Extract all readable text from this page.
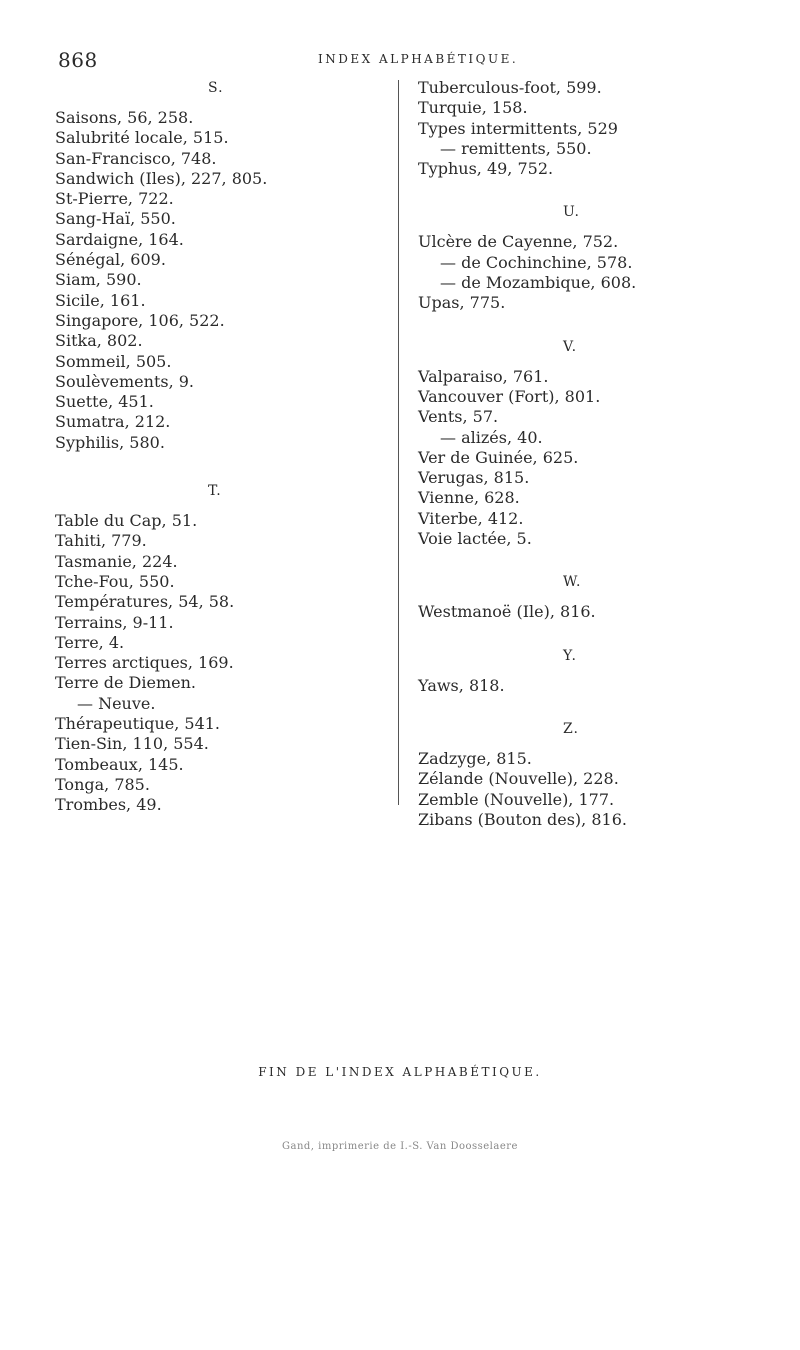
868	INDEX ALPHABÉTIQUE.
S.
Saisons, 56, 258.
Salubrité locale, 515.
San-Francisco, 748.
Sandwich (Iles), 227, 805.
St-Pierre, 722.
Sang-Haï, 550.
Sardaigne, 164.
Sénégal, 609.
Siam, 590.
Sicile, 161.
Singapore, 106, 522.
Sitka, 802.
Sommeil, 505.
Soulèvements, 9.
Suette, 451.
Sumatra, 212.
Syphilis, 580.
T.
Table du Cap, 51.
Tahiti, 779.
Tasmanie, 224.
Tche-Fou, 550.
Températures, 54, 58.
Terrains, 9-11.
Terre, 4.
Terres arctiques, 169.
Terre de Diemen.
— Neuve.
Thérapeutique, 541.
Tien-Sin, 110, 554.
Tombeaux, 145.
Tonga, 785.
Trombes, 49.
Tuberculous-foot, 599.
Turquie, 158.
Types intermittents, 529
— remittents, 550.
Typhus, 49, 752.
U.
Ulcère de Cayenne, 752.
— de Cochinchine, 578.
— de Mozambique, 608.
Upas, 775.
V.
Valparaiso, 761.
Vancouver (Fort), 801.
Vents, 57.
— alizés, 40.
Ver de Guinée, 625.
Verugas, 815.
Vienne, 628.
Viterbe, 412.
Voie lactée, 5.
W.
Westmanoë (Ile), 816.
Y.
Yaws, 818.
Z.
Zadzyge, 815.
Zélande (Nouvelle), 228.
Zemble (Nouvelle), 177.
Zibans (Bouton des), 816.
FIN DE L'INDEX ALPHABÉTIQUE.
Gand, imprimerie de I.-S. Van Doosselaere
